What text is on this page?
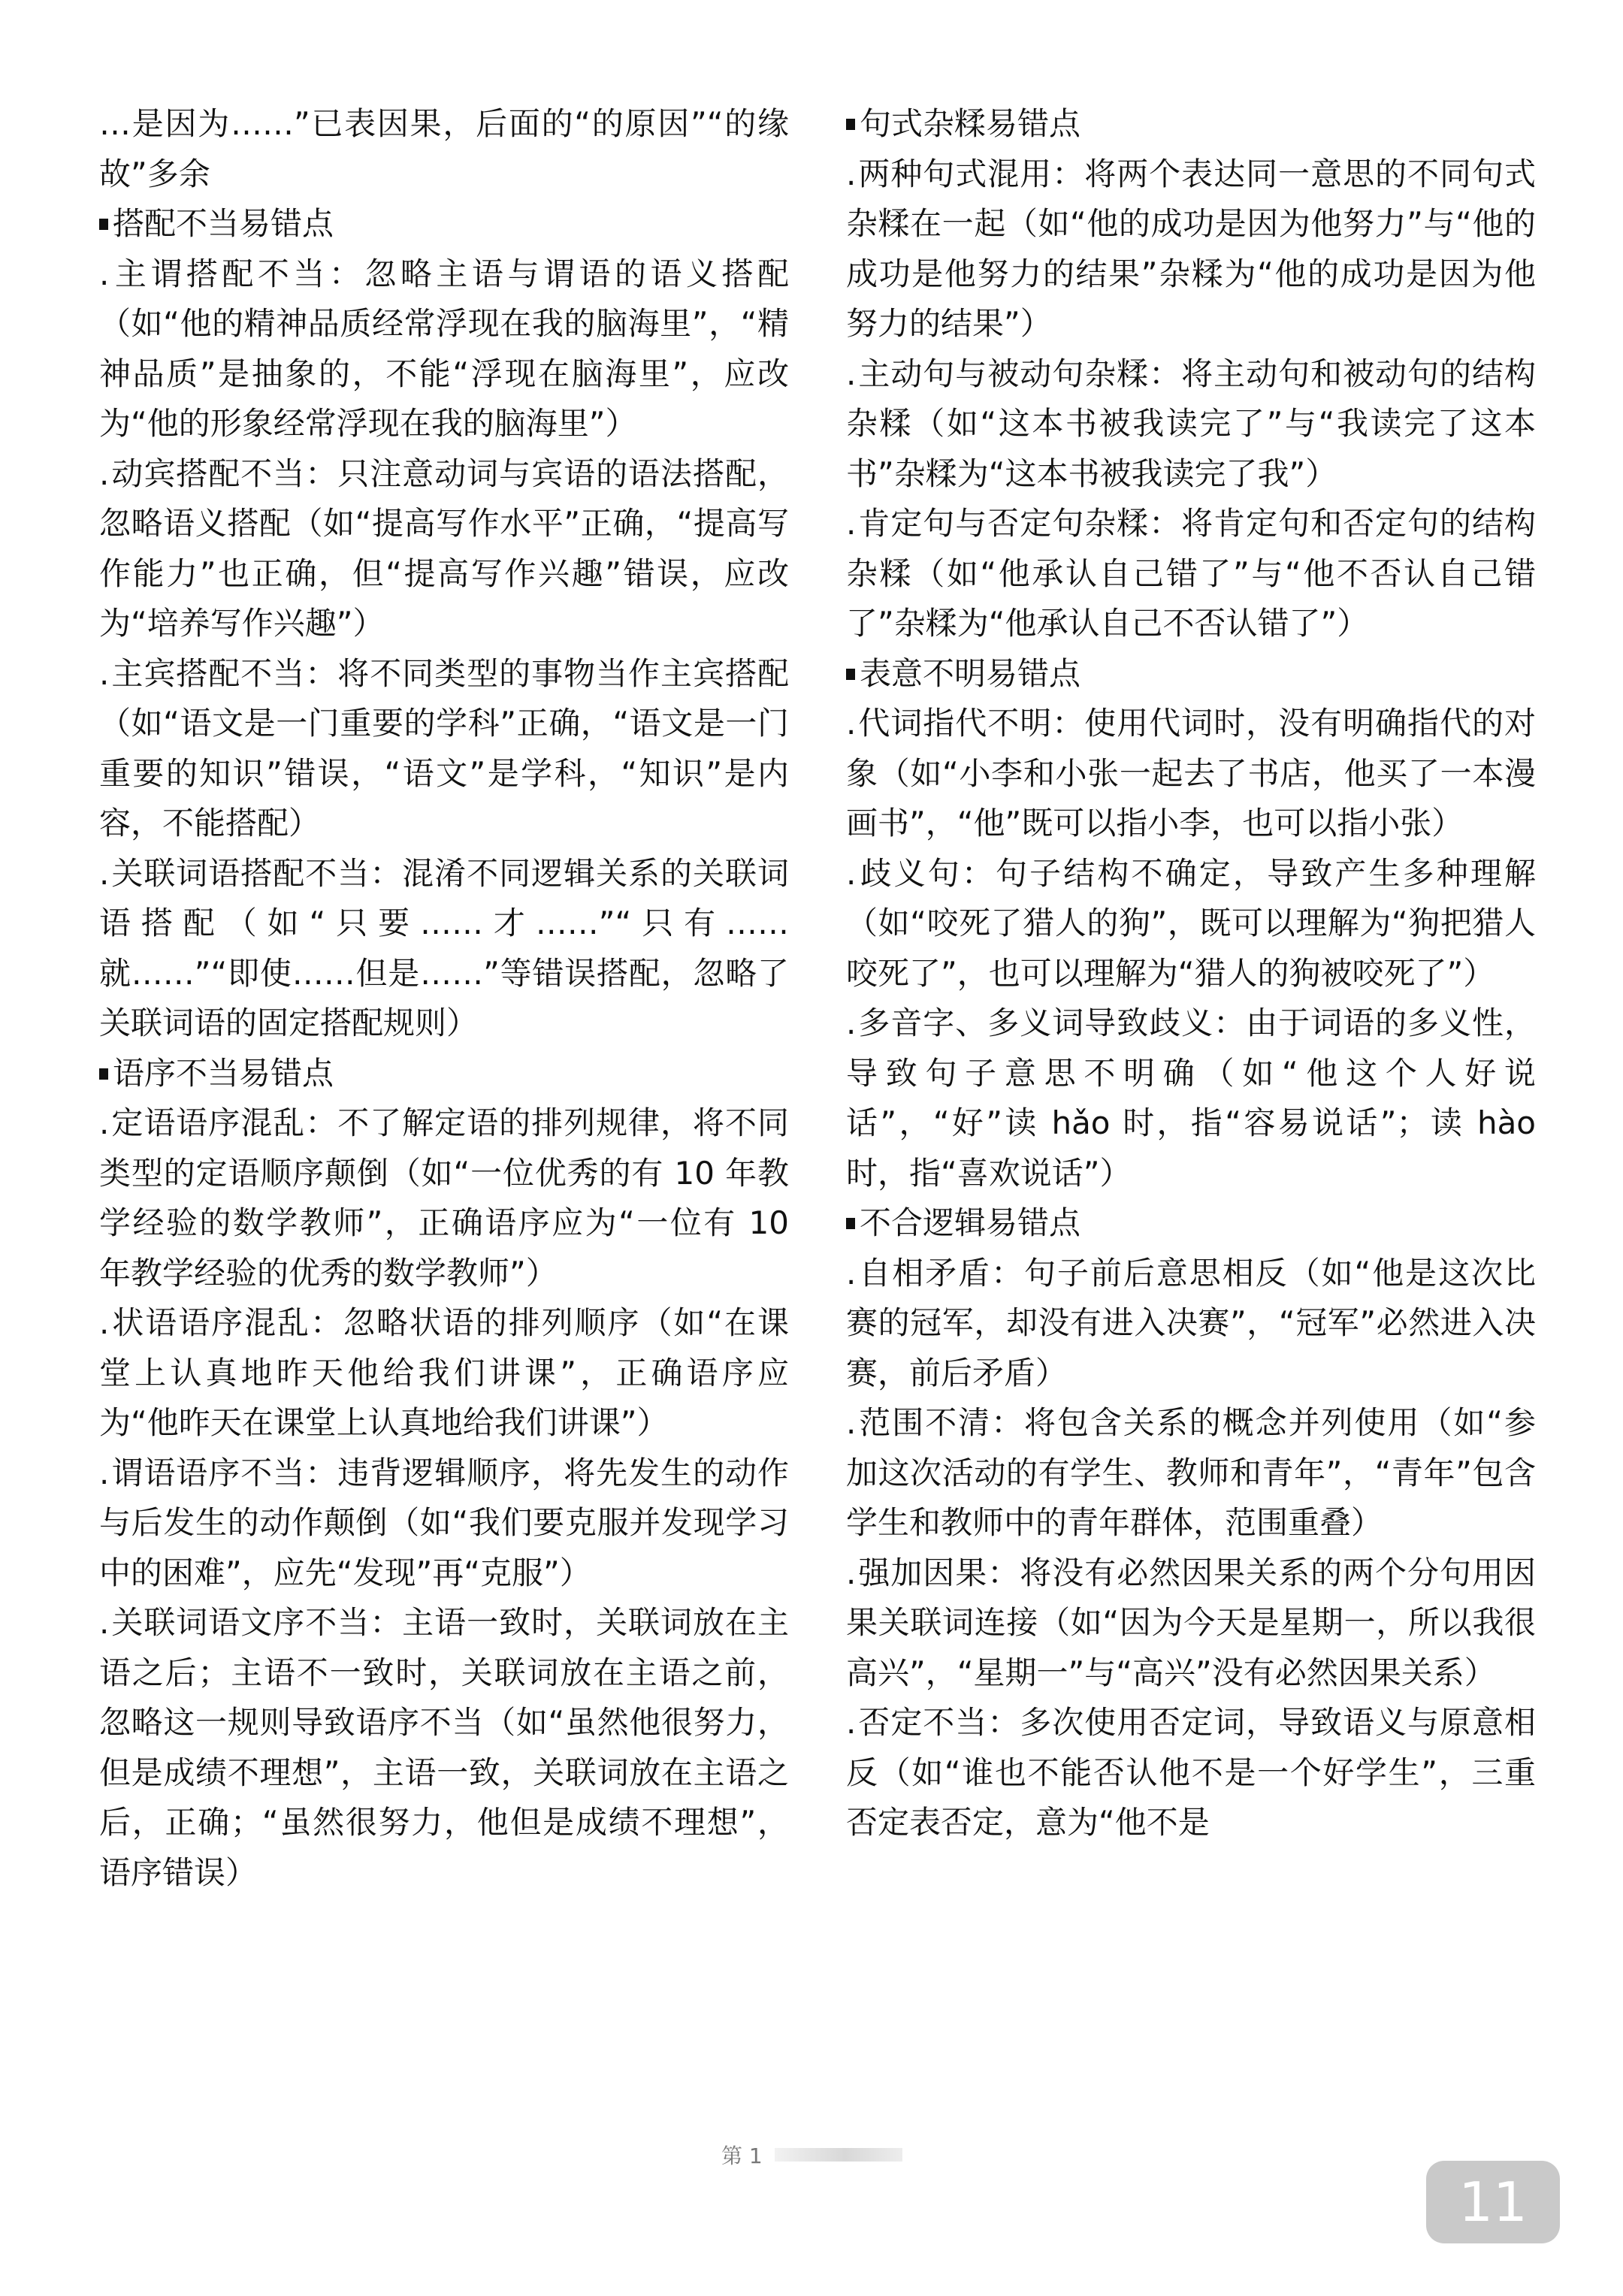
…是因为……”已表因果，后面的“的原因”“的缘故”多余

搭配不当易错点

. 主谓搭配不当：忽略主语与谓语的语义搭配（如“他的精神品质经常浮现在我的脑海里”，“精神品质”是抽象的，不能“浮现在脑海里”，应改为“他的形象经常浮现在我的脑海里”）

. 动宾搭配不当：只注意动词与宾语的语法搭配，忽略语义搭配（如“提高写作水平”正确，“提高写作能力”也正确，但“提高写作兴趣”错误，应改为“培养写作兴趣”）

. 主宾搭配不当：将不同类型的事物当作主宾搭配（如“语文是一门重要的学科”正确，“语文是一门重要的知识”错误，“语文”是学科，“知识”是内容，不能搭配）

. 关联词语搭配不当：混淆不同逻辑关系的关联词语搭配（如“只要……才……”“只有……就……”“即使……但是……”等错误搭配，忽略了关联词语的固定搭配规则）

语序不当易错点

. 定语语序混乱：不了解定语的排列规律，将不同类型的定语顺序颠倒（如“一位优秀的有 10 年教学经验的数学教师”，正确语序应为“一位有 10 年教学经验的优秀的数学教师”）

. 状语语序混乱：忽略状语的排列顺序（如“在课堂上认真地昨天他给我们讲课”，正确语序应为“他昨天在课堂上认真地给我们讲课”）

. 谓语语序不当：违背逻辑顺序，将先发生的动作与后发生的动作颠倒（如“我们要克服并发现学习中的困难”，应先“发现”再“克服”）

. 关联词语文序不当：主语一致时，关联词放在主语之后；主语不一致时，关联词放在主语之前，忽略这一规则导致语序不当（如“虽然他很努力，但是成绩不理想”，主语一致，关联词放在主语之后，正确；“虽然很努力，他但是成绩不理想”，语序错误）

句式杂糅易错点

. 两种句式混用：将两个表达同一意思的不同句式杂糅在一起（如“他的成功是因为他努力”与“他的成功是他努力的结果”杂糅为“他的成功是因为他努力的结果”）

. 主动句与被动句杂糅：将主动句和被动句的结构杂糅（如“这本书被我读完了”与“我读完了这本书”杂糅为“这本书被我读完了我”）

. 肯定句与否定句杂糅：将肯定句和否定句的结构杂糅（如“他承认自己错了”与“他不否认自己错了”杂糅为“他承认自己不否认错了”）

表意不明易错点

. 代词指代不明：使用代词时，没有明确指代的对象（如“小李和小张一起去了书店，他买了一本漫画书”，“他”既可以指小李，也可以指小张）

. 歧义句：句子结构不确定，导致产生多种理解（如“咬死了猎人的狗”，既可以理解为“狗把猎人咬死了”，也可以理解为“猎人的狗被咬死了”）

. 多音字、多义词导致歧义：由于词语的多义性，导致句子意思不明确（如“他这个人好说话”，“好”读 hǎo 时，指“容易说话”；读 hào 时，指“喜欢说话”）

不合逻辑易错点

. 自相矛盾：句子前后意思相反（如“他是这次比赛的冠军，却没有进入决赛”，“冠军”必然进入决赛，前后矛盾）

. 范围不清：将包含关系的概念并列使用（如“参加这次活动的有学生、教师和青年”，“青年”包含学生和教师中的青年群体，范围重叠）

. 强加因果：将没有必然因果关系的两个分句用因果关联词连接（如“因为今天是星期一，所以我很高兴”，“星期一”与“高兴”没有必然因果关系）

. 否定不当：多次使用否定词，导致语义与原意相反（如“谁也不能否认他不是一个好学生”，三重否定表否定，意为“他不是

第 1
11
